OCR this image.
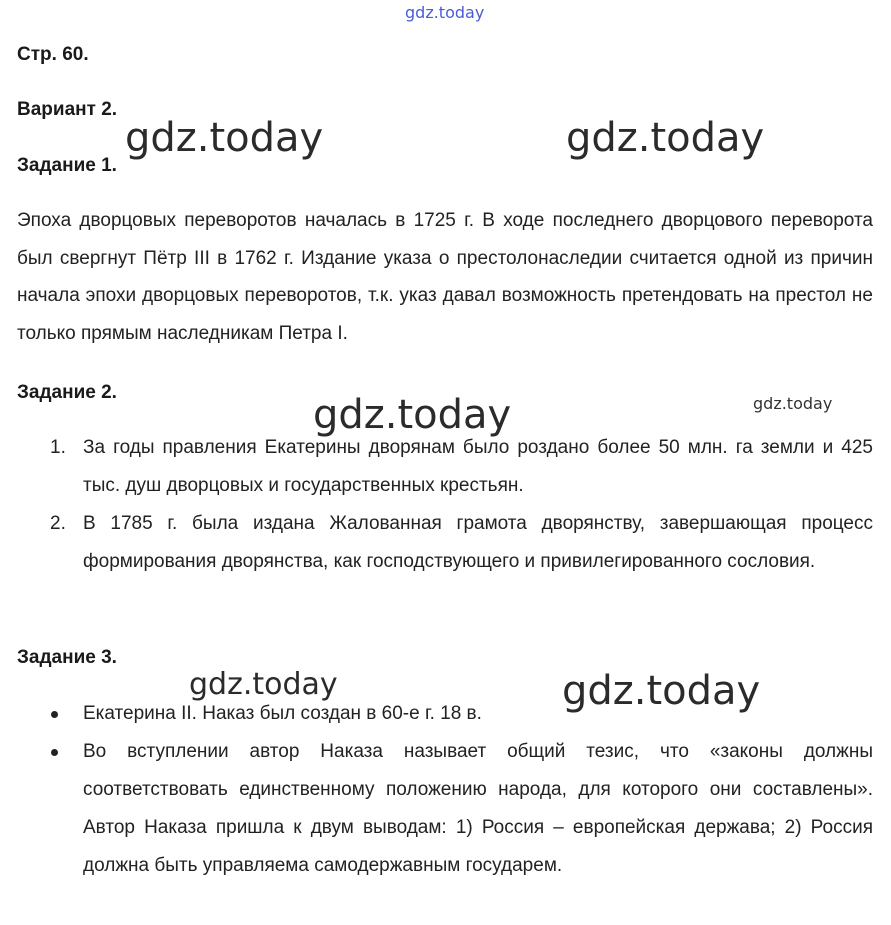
gdz.today
gdz.today	gdz.today
gdz.today	gdz.today
gdz.today	gdz.today
Стр. 60.
Вариант 2.
Задание 1.
Эпоха дворцовых переворотов началась в 1725 г. В ходе последнего дворцового переворота был свергнут Пётр III в 1762 г. Издание указа о престолонаследии считается одной из причин начала эпохи дворцовых переворотов, т.к. указ давал возможность претендовать на престол не только прямым наследникам Петра I.
Задание 2.
1. За годы правления Екатерины дворянам было роздано более 50 млн. га земли и 425 тыс. душ дворцовых и государственных крестьян.
2. В 1785 г. была издана Жалованная грамота дворянству, завершающая процесс формирования дворянства, как господствующего и привилегированного сословия.
Задание 3.
Екатерина II. Наказ был создан в 60-е г. 18 в.
Во вступлении автор Наказа называет общий тезис, что «законы должны соответствовать единственному положению народа, для которого они составлены». Автор Наказа пришла к двум выводам: 1) Россия – европейская держава; 2) Россия должна быть управляема самодержавным государем.
